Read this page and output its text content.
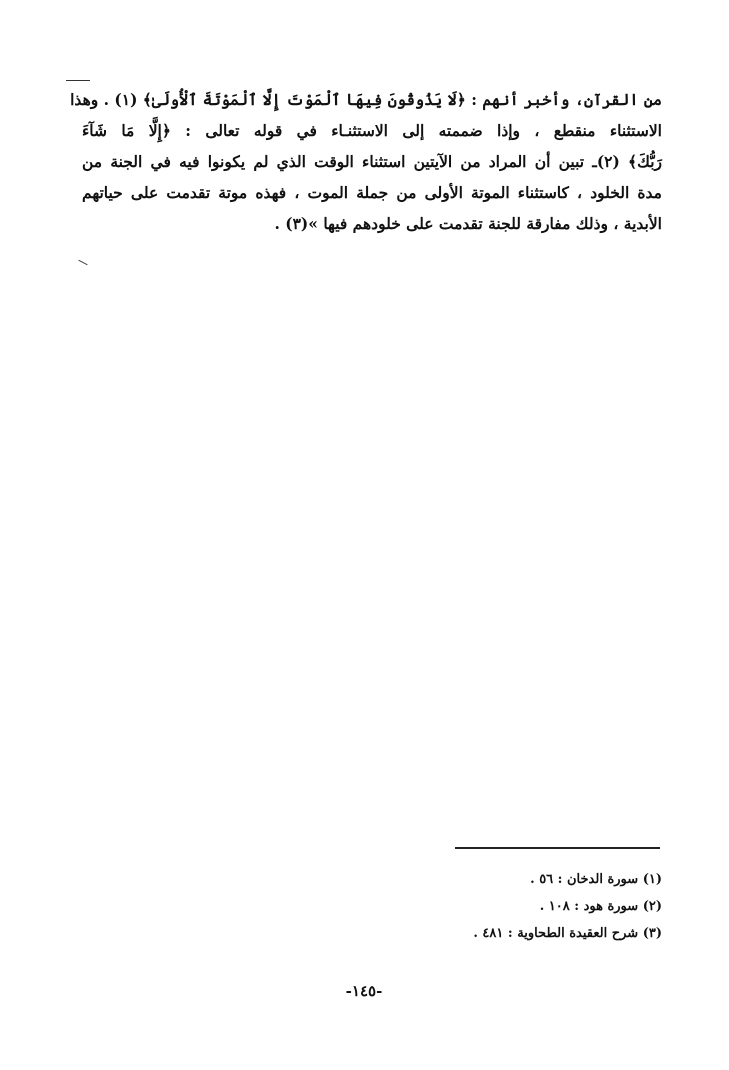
من القرآن، وأخبر أنهم : ﴿لَا يَذُوقُونَ فِيهَا ٱلْمَوْتَ إِلَّا ٱلْمَوْتَةَ ٱلْأُولَىٰ﴾ (١) . وهذا
الاستثناء منقطع ، وإذا ضممته إلى الاستثنـاء في قوله تعالى : ﴿إِلَّا مَا شَآءَ
رَبُّكَ﴾ (٢)ـ تبين أن المراد من الآيتين استثناء الوقت الذي لم يكونوا فيه في الجنة من
مدة الخلود ، كاستثناء الموتة الأولى من جملة الموت ، فهذه موتة تقدمت على حياتهم
الأبدية ، وذلك مفارقة للجنة تقدمت على خلودهم فيها »(٣) .
(١) سورة الدخان : ٥٦ .
(٢) سورة هود : ١٠٨ .
(٣) شرح العقيدة الطحاوية : ٤٨١ .
-١٤٥-
